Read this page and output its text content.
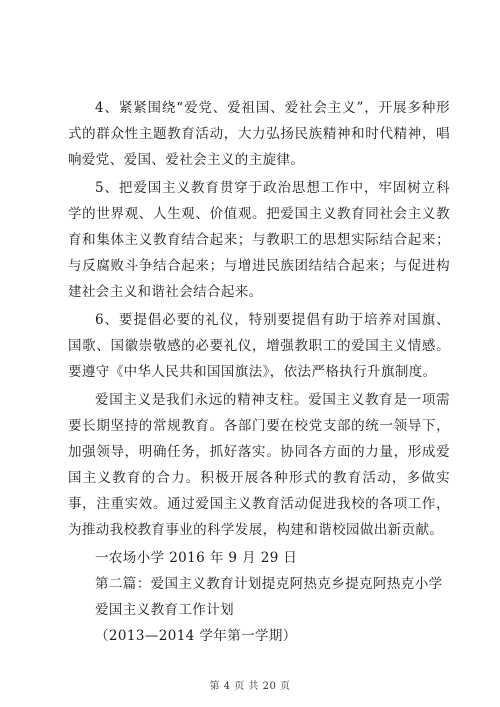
4、紧紧围绕“爱党、爱祖国、爱社会主义”，开展多种形式的群众性主题教育活动，大力弘扬民族精神和时代精神，唱响爱党、爱国、爱社会主义的主旋律。

5、把爱国主义教育贯穿于政治思想工作中，牢固树立科学的世界观、人生观、价值观。把爱国主义教育同社会主义教育和集体主义教育结合起来；与教职工的思想实际结合起来；与反腐败斗争结合起来；与增进民族团结结合起来；与促进构建社会主义和谐社会结合起来。

6、要提倡必要的礼仪，特别要提倡有助于培养对国旗、国歌、国徽崇敬感的必要礼仪，增强教职工的爱国主义情感。要遵守《中华人民共和国国旗法》，依法严格执行升旗制度。

爱国主义是我们永远的精神支柱。爱国主义教育是一项需要长期坚持的常规教育。各部门要在校党支部的统一领导下，加强领导，明确任务，抓好落实。协同各方面的力量，形成爱国主义教育的合力。积极开展各种形式的教育活动，多做实事，注重实效。通过爱国主义教育活动促进我校的各项工作，为推动我校教育事业的科学发展，构建和谐校园做出新贡献。

一农场小学 2016 年 9 月 29 日

第二篇：爱国主义教育计划提克阿热克乡提克阿热克小学

爱国主义教育工作计划

（2013—2014 学年第一学期）

第 4 页 共 20 页
